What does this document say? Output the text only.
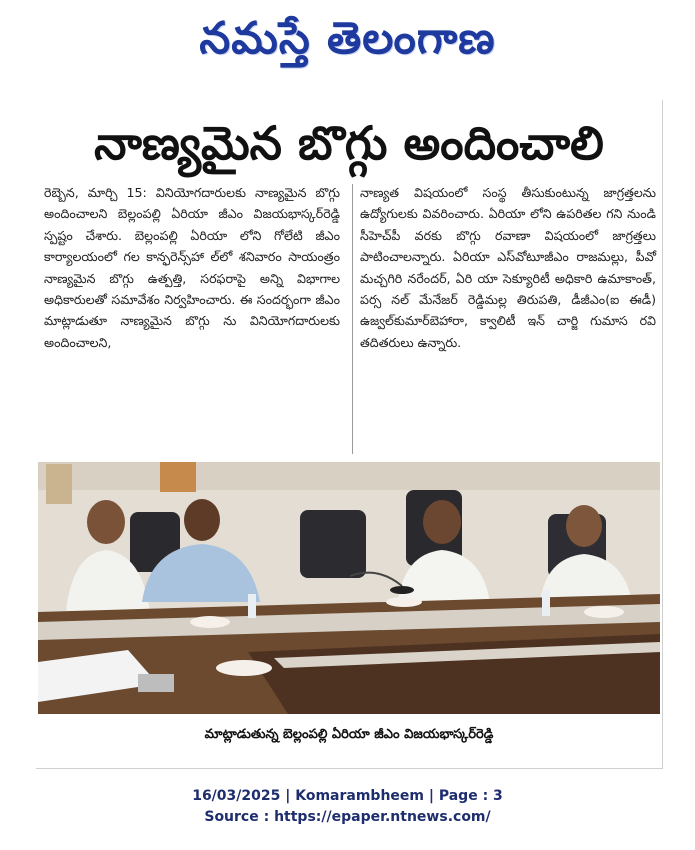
నమస్తే తెలంగాణ
నాణ్యమైన బొగ్గు అందించాలి
రెబ్బెన, మార్చి 15: వినియోగదారులకు నాణ్యమైన బొగ్గు అందించాలని బెల్లంపల్లి ఏరియా జీఎం విజయభాస్కర్‌రెడ్డి స్పష్టం చేశారు. బెల్లంపల్లి ఏరియా లోని గోలేటి జీఎం కార్యాలయంలో గల కాన్ఫరెన్స్‌హా ల్‌లో శనివారం సాయంత్రం నాణ్యమైన బొగ్గు ఉత్పత్తి, సరఫరాపై అన్ని విభాగాల అధికారులతో సమావేశం నిర్వహించారు. ఈ సందర్భంగా జీఎం మాట్లాడుతూ నాణ్యమైన బొగ్గు ను వినియోగదారులకు అందించాలని,
నాణ్యత విషయంలో సంస్థ తీసుకుంటున్న జాగ్రత్తలను ఉద్యోగులకు వివరించారు. ఏరియా లోని ఉపరితల గని నుండి సీహెచ్‌పీ వరకు బొగ్గు రవాణా విషయంలో జాగ్రత్తలు పాటించాలన్నారు. ఏరియా ఎస్‌వోటూజీఎం రాజమల్లు, పీవో మచ్చగిరి నరేందర్, ఏరి యా సెక్యూరిటీ అధికారి ఉమాకాంత్, పర్స నల్ మేనేజర్ రెడ్డిమల్ల తిరుపతి, డీజీఎం(ఐ ఈడీ) ఉజ్వల్‌కుమార్‌బెహారా, క్వాలిటీ ఇన్ చార్జి గుమాస రవి తదితరులు ఉన్నారు.
మాట్లాడుతున్న బెల్లంపల్లి ఏరియా జీఎం విజయభాస్కర్‌రెడ్డి
16/03/2025 | Komarambheem | Page : 3
Source : https://epaper.ntnews.com/
